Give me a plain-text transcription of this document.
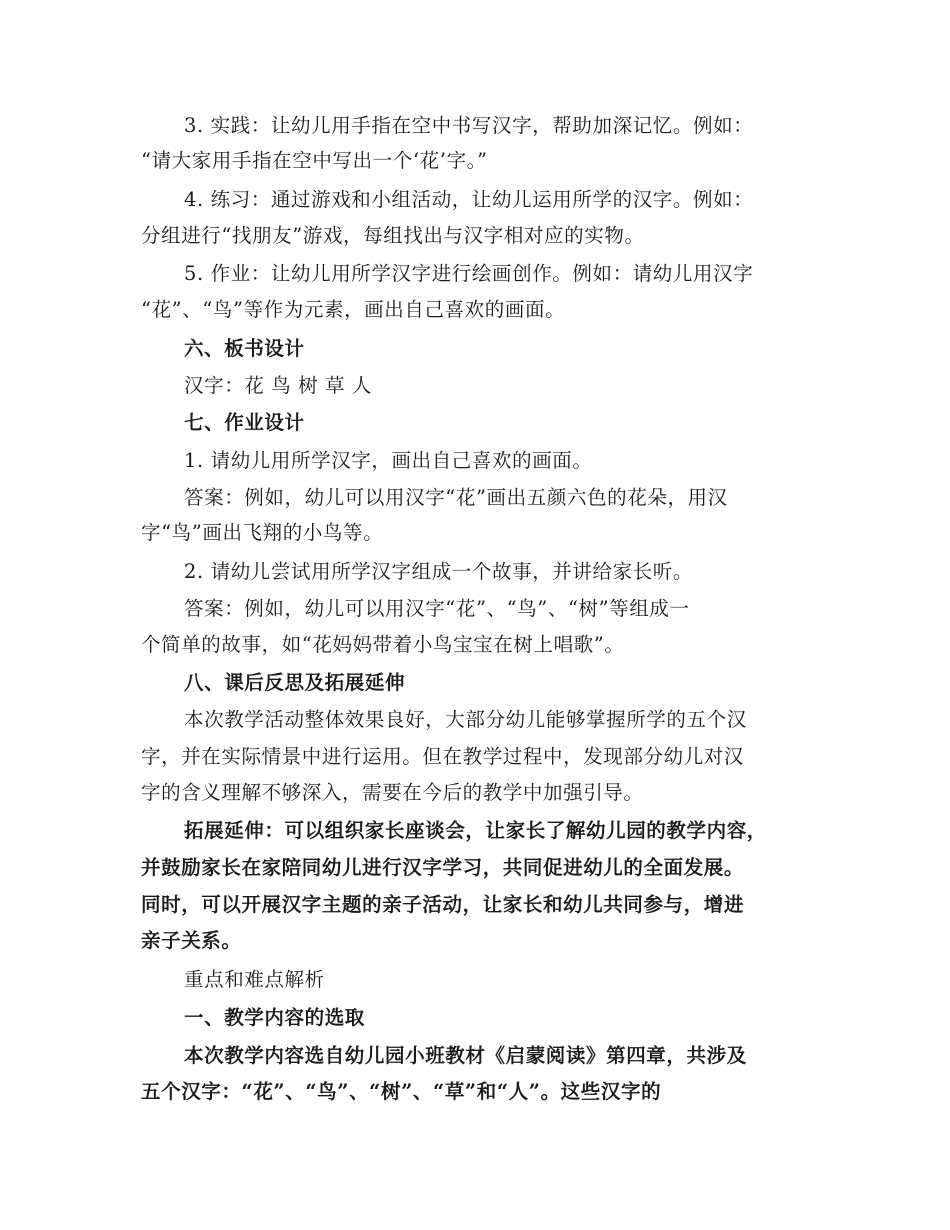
3. 实践：让幼儿用手指在空中书写汉字，帮助加深记忆。例如：
“请大家用手指在空中写出一个‘花’字。”
4. 练习：通过游戏和小组活动，让幼儿运用所学的汉字。例如：
分组进行“找朋友”游戏，每组找出与汉字相对应的实物。
5. 作业：让幼儿用所学汉字进行绘画创作。例如：请幼儿用汉字
“花”、“鸟”等作为元素，画出自己喜欢的画面。
六、板书设计
汉字：花 鸟 树 草 人
七、作业设计
1. 请幼儿用所学汉字，画出自己喜欢的画面。
答案：例如，幼儿可以用汉字“花”画出五颜六色的花朵，用汉
字“鸟”画出飞翔的小鸟等。
2. 请幼儿尝试用所学汉字组成一个故事，并讲给家长听。
答案：例如，幼儿可以用汉字“花”、“鸟”、“树”等组成一
个简单的故事，如“花妈妈带着小鸟宝宝在树上唱歌”。
八、课后反思及拓展延伸
本次教学活动整体效果良好，大部分幼儿能够掌握所学的五个汉
字，并在实际情景中进行运用。但在教学过程中，发现部分幼儿对汉
字的含义理解不够深入，需要在今后的教学中加强引导。
拓展延伸：可以组织家长座谈会，让家长了解幼儿园的教学内容，
并鼓励家长在家陪同幼儿进行汉字学习，共同促进幼儿的全面发展。
同时，可以开展汉字主题的亲子活动，让家长和幼儿共同参与，增进
亲子关系。
重点和难点解析
一、教学内容的选取
本次教学内容选自幼儿园小班教材《启蒙阅读》第四章，共涉及
五个汉字：“花”、“鸟”、“树”、“草”和“人”。这些汉字的
